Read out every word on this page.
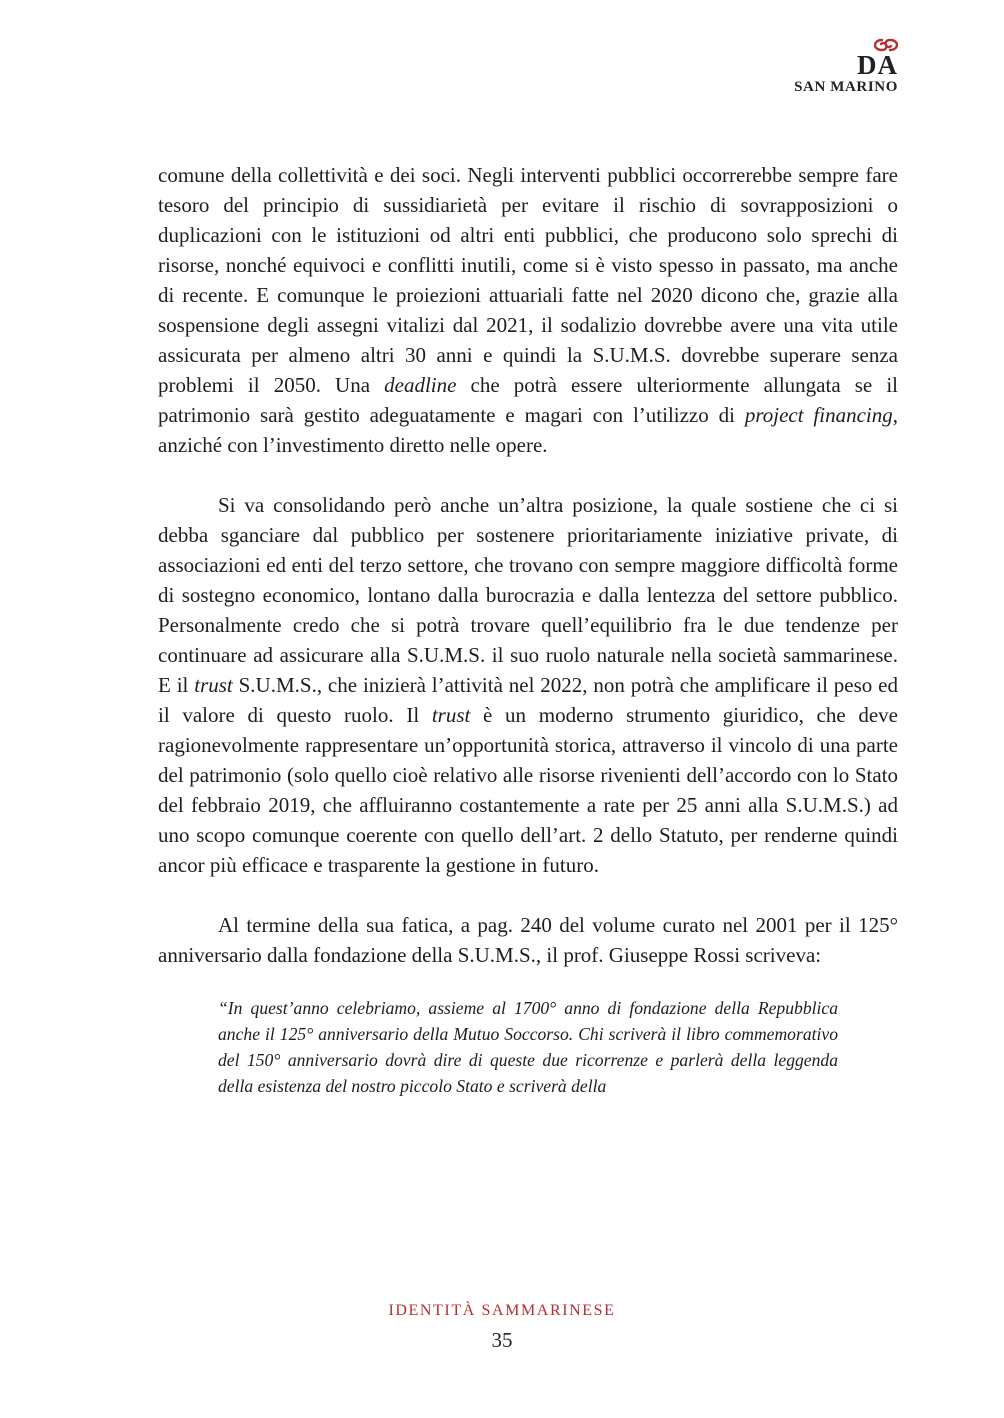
DA
SAN MARINO

comune della collettività e dei soci. Negli interventi pubblici occorrerebbe sempre fare tesoro del principio di sussidiarietà per evitare il rischio di sovrapposizioni o duplicazioni con le istituzioni od altri enti pubblici, che producono solo sprechi di risorse, nonché equivoci e conflitti inutili, come si è visto spesso in passato, ma anche di recente. E comunque le proiezioni attuariali fatte nel 2020 dicono che, grazie alla sospensione degli assegni vitalizi dal 2021, il sodalizio dovrebbe avere una vita utile assicurata per almeno altri 30 anni e quindi la S.U.M.S. dovrebbe superare senza problemi il 2050. Una deadline che potrà essere ulteriormente allungata se il patrimonio sarà gestito adeguatamente e magari con l’utilizzo di project financing, anziché con l’investimento diretto nelle opere.

Si va consolidando però anche un’altra posizione, la quale sostiene che ci si debba sganciare dal pubblico per sostenere prioritariamente iniziative private, di associazioni ed enti del terzo settore, che trovano con sempre maggiore difficoltà forme di sostegno economico, lontano dalla burocrazia e dalla lentezza del settore pubblico. Personalmente credo che si potrà trovare quell’equilibrio fra le due tendenze per continuare ad assicurare alla S.U.M.S. il suo ruolo naturale nella società sammarinese. E il trust S.U.M.S., che inizierà l’attività nel 2022, non potrà che amplificare il peso ed il valore di questo ruolo. Il trust è un moderno strumento giuridico, che deve ragionevolmente rappresentare un’opportunità storica, attraverso il vincolo di una parte del patrimonio (solo quello cioè relativo alle risorse rivenienti dell’accordo con lo Stato del febbraio 2019, che affluiranno costantemente a rate per 25 anni alla S.U.M.S.) ad uno scopo comunque coerente con quello dell’art. 2 dello Statuto, per renderne quindi ancor più efficace e trasparente la gestione in futuro.

Al termine della sua fatica, a pag. 240 del volume curato nel 2001 per il 125° anniversario dalla fondazione della S.U.M.S., il prof. Giuseppe Rossi scriveva:

“In quest’anno celebriamo, assieme al 1700° anno di fondazione della Repubblica anche il 125° anniversario della Mutuo Soccorso. Chi scriverà il libro commemorativo del 150° anniversario dovrà dire di queste due ricorrenze e parlerà della leggenda della esistenza del nostro piccolo Stato e scriverà della
IDENTITÀ SAMMARINESE
35
